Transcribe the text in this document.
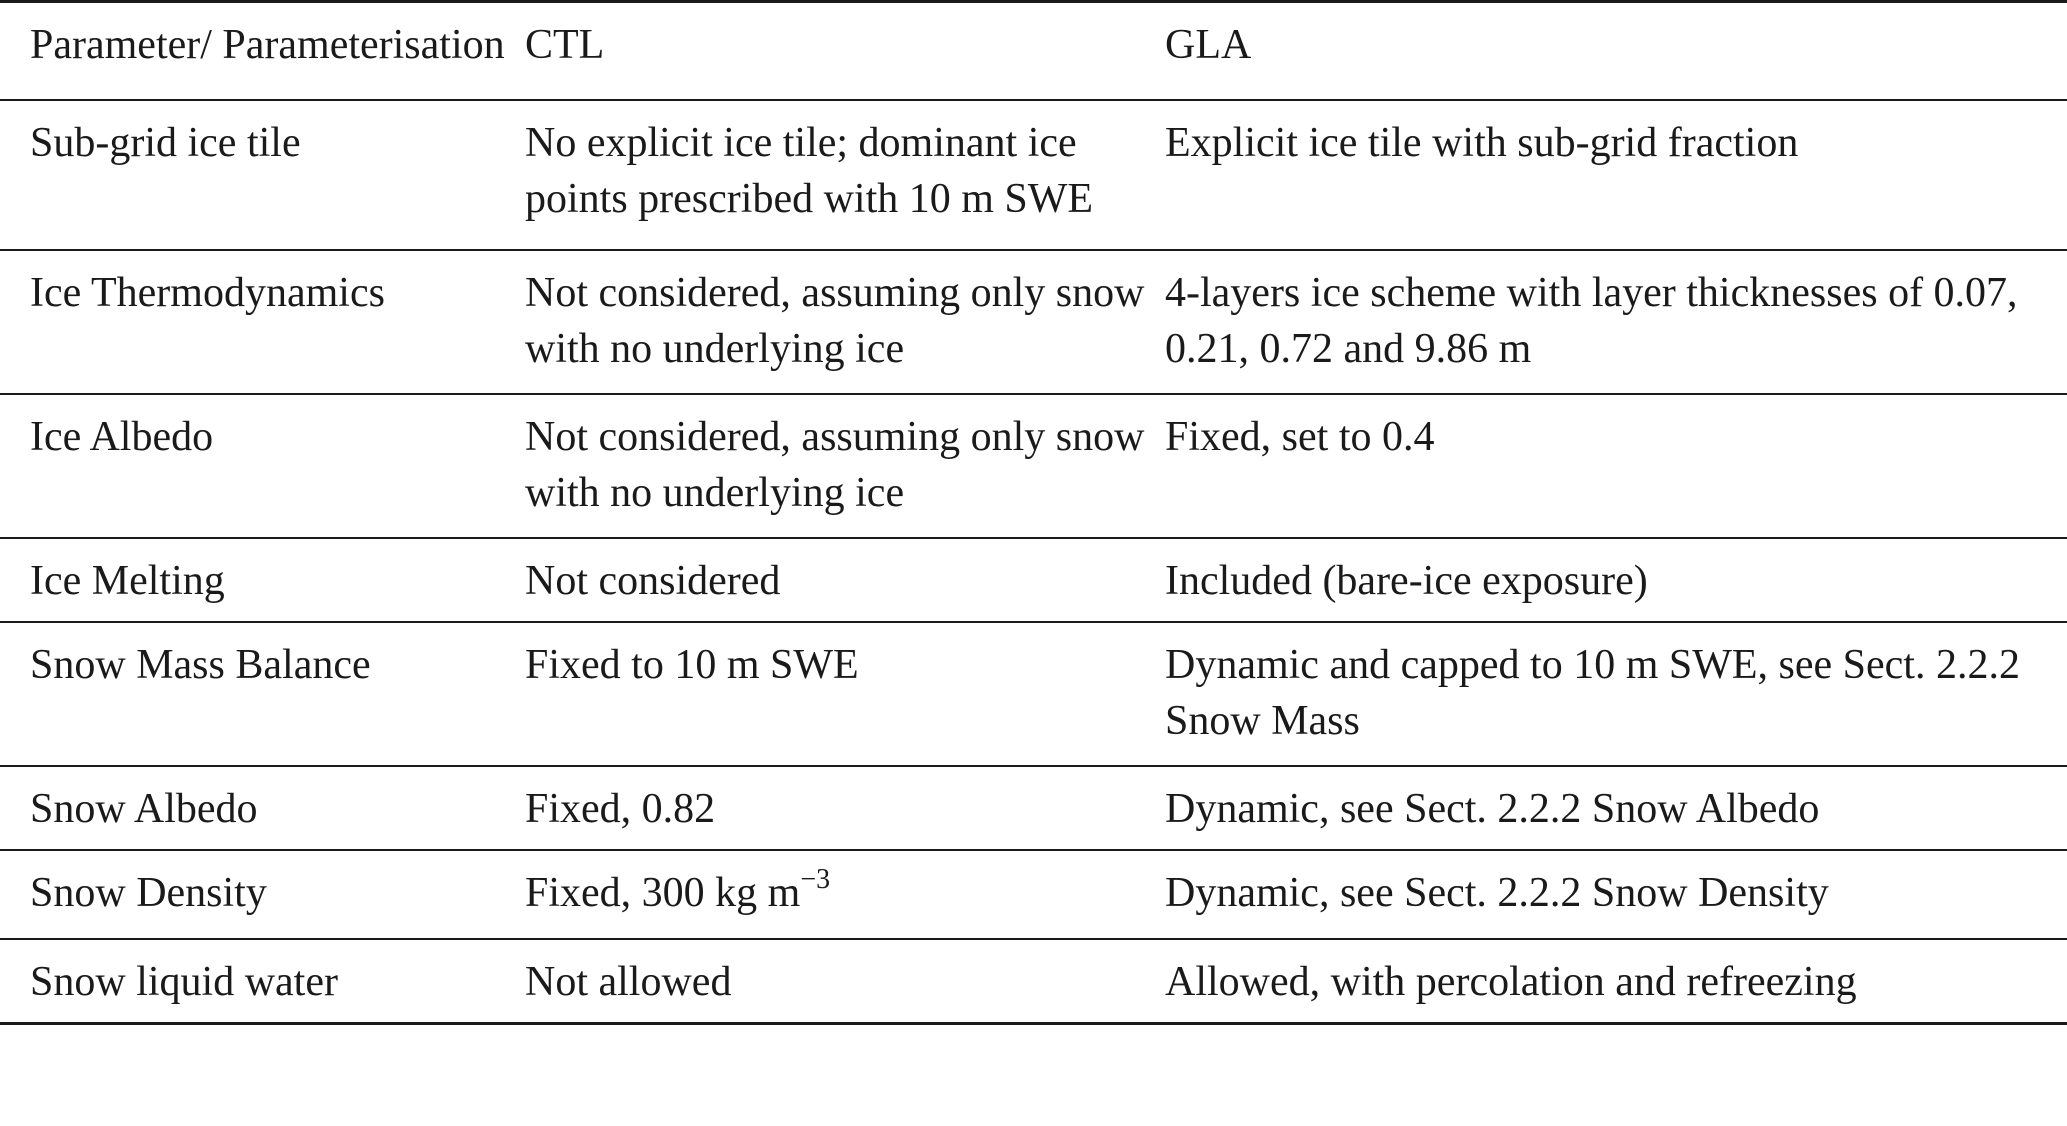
Parameter/ Parameterisation	CTL	GLA
Sub-grid ice tile	No explicit ice tile; dominant ice points prescribed with 10 m SWE	Explicit ice tile with sub-grid fraction
Ice Thermodynamics	Not considered, assuming only snow with no underlying ice	4-layers ice scheme with layer thicknesses of 0.07, 0.21, 0.72 and 9.86 m
Ice Albedo	Not considered, assuming only snow with no underlying ice	Fixed, set to 0.4
Ice Melting	Not considered	Included (bare-ice exposure)
Snow Mass Balance	Fixed to 10 m SWE	Dynamic and capped to 10 m SWE, see Sect. 2.2.2 Snow Mass
Snow Albedo	Fixed, 0.82	Dynamic, see Sect. 2.2.2 Snow Albedo
Snow Density	Fixed, 300 kg $m^{-3}$	Dynamic, see Sect. 2.2.2 Snow Density
Snow liquid water	Not allowed	Allowed, with percolation and refreezing
